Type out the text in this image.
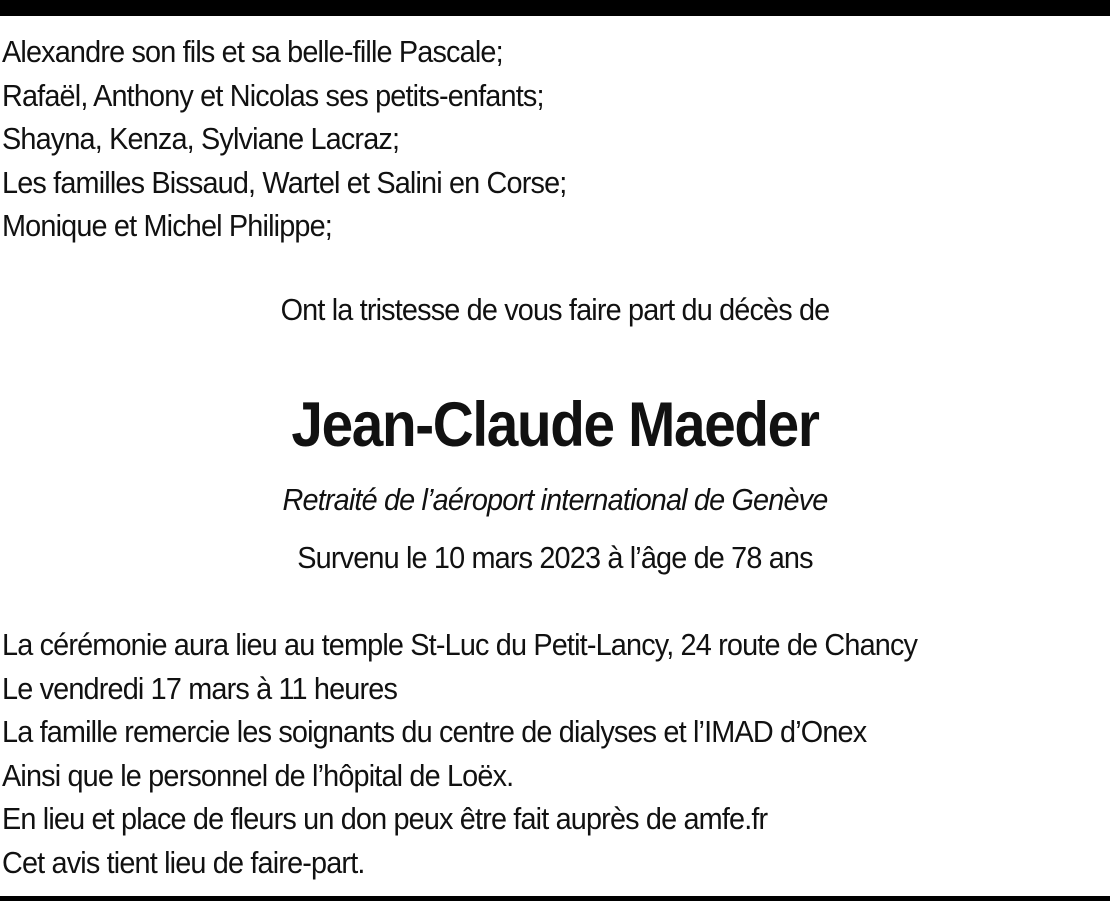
Alexandre son fils et sa belle-fille Pascale;
Rafaël, Anthony et Nicolas ses petits-enfants;
Shayna, Kenza, Sylviane Lacraz;
Les familles Bissaud, Wartel et Salini en Corse;
Monique et Michel Philippe;
Ont la tristesse de vous faire part du décès de
Jean-Claude Maeder
Retraité de l’aéroport international de Genève
Survenu le 10 mars 2023 à l’âge de 78 ans
La cérémonie aura lieu au temple St-Luc du Petit-Lancy, 24 route de Chancy
Le vendredi 17 mars à 11 heures
La famille remercie les soignants du centre de dialyses et l’IMAD d’Onex
Ainsi que le personnel de l’hôpital de Loëx.
En lieu et place de fleurs un don peux être fait auprès de amfe.fr
Cet avis tient lieu de faire-part.
